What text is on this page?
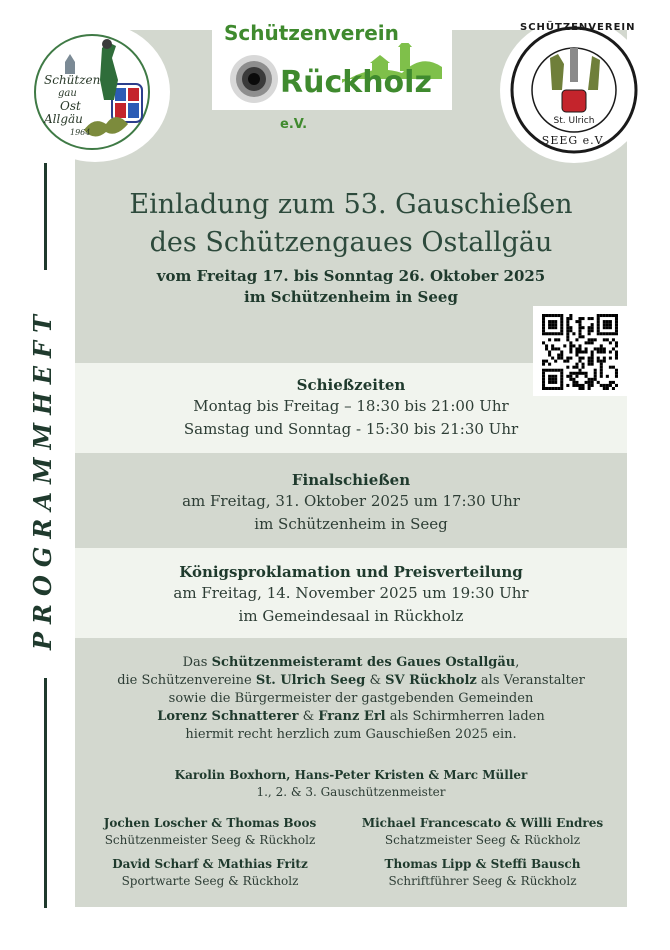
PROGRAMMHEFT
Schützen
gau
Ost
Allgäu
1964
Schützenverein
Rückholz e.V.
SCHÜTZENVEREIN
St. Ulrich
SEEG e.V.
Einladung zum 53. Gauschießen
des Schützengaues Ostallgäu
vom Freitag 17. bis Sonntag 26. Oktober 2025
im Schützenheim in Seeg
Schießzeiten
Montag bis Freitag – 18:30 bis 21:00 Uhr
Samstag und Sonntag - 15:30 bis 21:30 Uhr
Finalschießen
am Freitag, 31. Oktober 2025 um 17:30 Uhr
im Schützenheim in Seeg
Königsproklamation und Preisverteilung
am Freitag, 14. November 2025 um 19:30 Uhr
im Gemeindesaal in Rückholz
Das Schützenmeisteramt des Gaues Ostallgäu,
die Schützenvereine St. Ulrich Seeg & SV Rückholz als Veranstalter
sowie die Bürgermeister der gastgebenden Gemeinden
Lorenz Schnatterer & Franz Erl als Schirmherren laden
hiermit recht herzlich zum Gauschießen 2025 ein.
Karolin Boxhorn, Hans-Peter Kristen & Marc Müller
1., 2. & 3. Gauschützenmeister
Jochen Loscher & Thomas Boos
Schützenmeister Seeg & Rückholz
Michael Francescato & Willi Endres
Schatzmeister Seeg & Rückholz
David Scharf & Mathias Fritz
Sportwarte Seeg & Rückholz
Thomas Lipp & Steffi Bausch
Schriftführer Seeg & Rückholz
